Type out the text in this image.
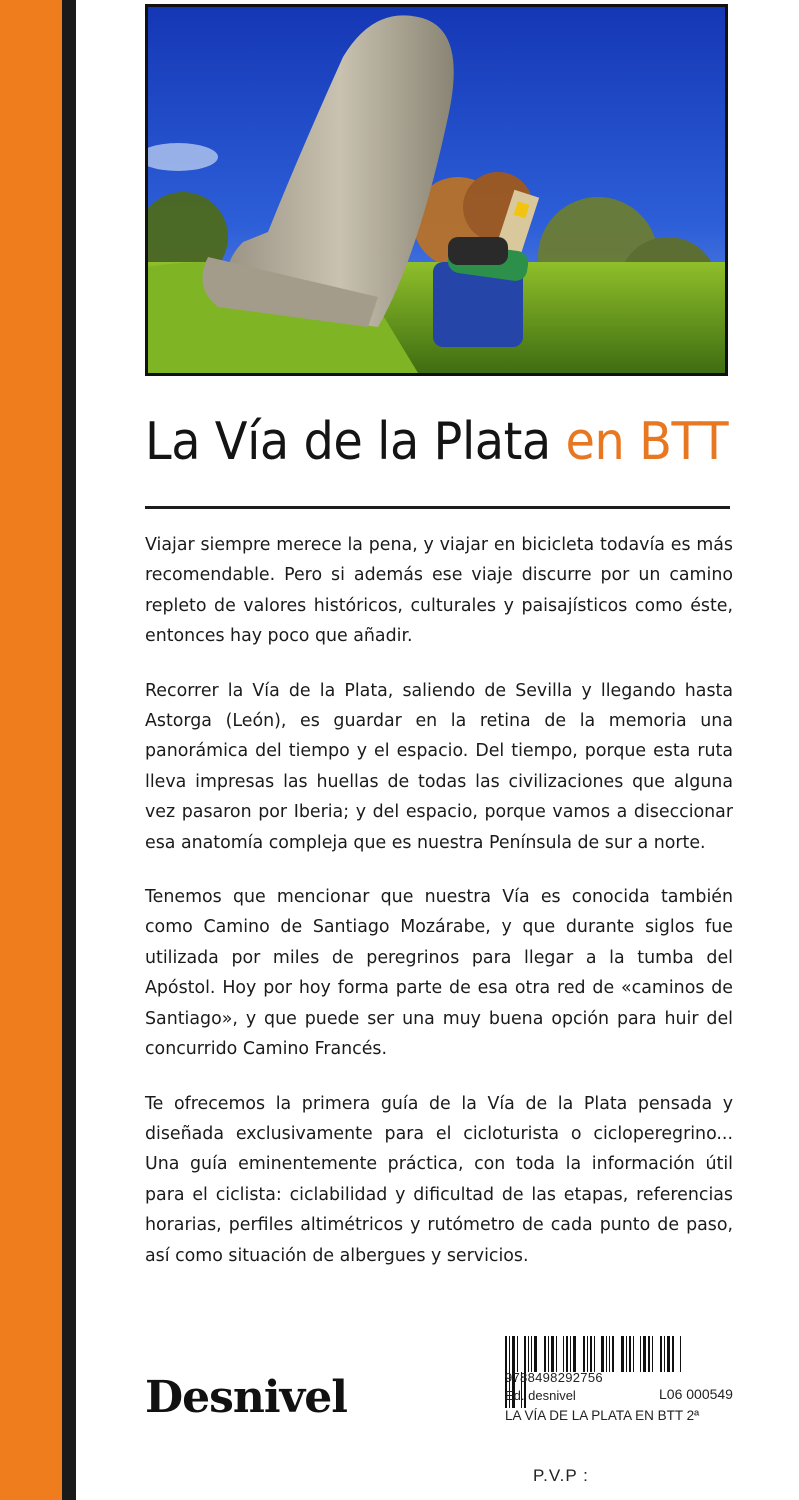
La Vía de la Plata en BTT

Viajar siempre merece la pena, y viajar en bicicleta todavía es más recomendable. Pero si además ese viaje discurre por un camino repleto de valores históricos, culturales y paisajísticos como éste, entonces hay poco que añadir.

Recorrer la Vía de la Plata, saliendo de Sevilla y llegando hasta Astorga (León), es guardar en la retina de la memoria una panorámica del tiempo y el espacio. Del tiempo, porque esta ruta lleva impresas las huellas de todas las civilizaciones que alguna vez pasaron por Iberia; y del espacio, porque vamos a diseccionar esa anatomía compleja que es nuestra Península de sur a norte.

Tenemos que mencionar que nuestra Vía es conocida también como Camino de Santiago Mozárabe, y que durante siglos fue utilizada por miles de peregrinos para llegar a la tumba del Apóstol. Hoy por hoy forma parte de esa otra red de «caminos de Santiago», y que puede ser una muy buena opción para huir del concurrido Camino Francés.

Te ofrecemos la primera guía de la Vía de la Plata pensada y diseñada exclusivamente para el cicloturista o cicloperegrino... Una guía eminentemente práctica, con toda la información útil para el ciclista: ciclabilidad y dificultad de las etapas, referencias horarias, perfiles altimétricos y rutómetro de cada punto de paso, así como situación de albergues y servicios.

Desnivel
	9788498292756
Ed. desnivel	L06 000549
LA VÍA DE LA PLATA EN BTT 2ª
P.V.P :
